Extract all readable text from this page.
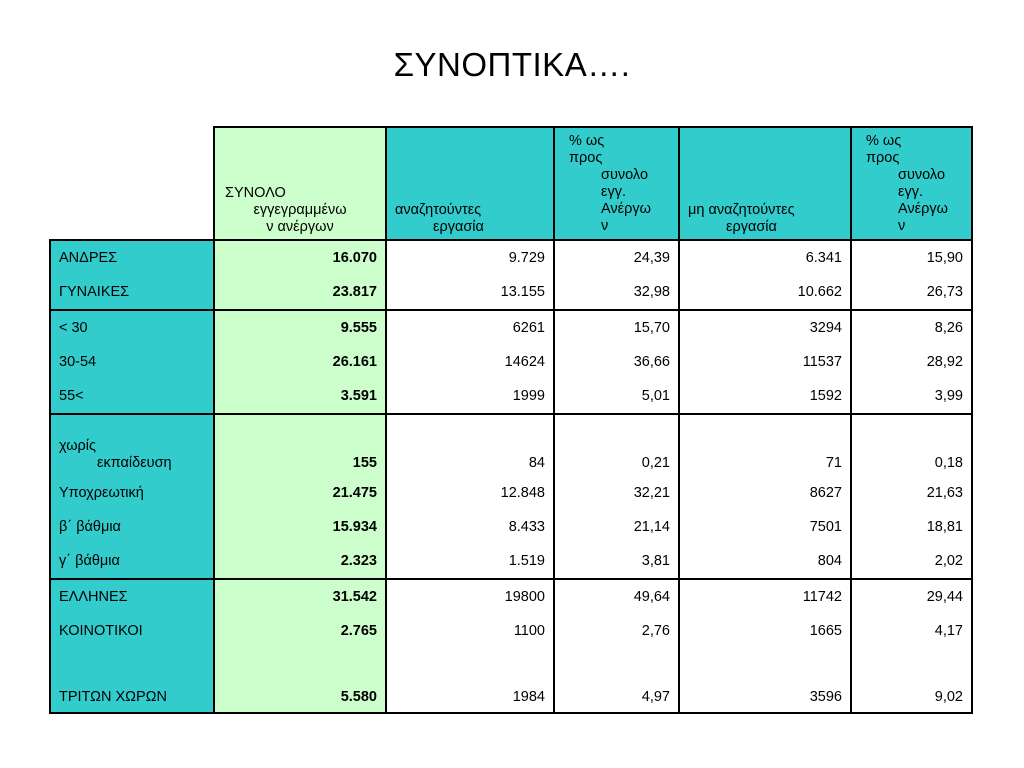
ΣΥΝΟΠΤΙΚΑ….

	ΣΥΝΟΛΟ
εγγεγραμμένω
ν ανέργων	αναζητούντες
εργασία	% ως προς
συνολο
εγγ.
Ανέργω
ν	μη αναζητούντες
εργασία	% ως προς
συνολο
εγγ.
Ανέργω
ν

ΑΝΔΡΕΣ	16.070	9.729	24,39	6.341	15,90
ΓΥΝΑΙΚΕΣ	23.817	13.155	32,98	10.662	26,73
< 30	9.555	6261	15,70	3294	8,26
30-54	26.161	14624	36,66	11537	28,92
55<	3.591	1999	5,01	1592	3,99

χωρίς
εκπαίδευση	155	84	0,21	71	0,18
Υποχρεωτική	21.475	12.848	32,21	8627	21,63
β΄ βάθμια	15.934	8.433	21,14	7501	18,81
γ΄ βάθμια	2.323	1.519	3,81	804	2,02
ΕΛΛΗΝΕΣ	31.542	19800	49,64	11742	29,44
ΚΟΙΝΟΤΙΚΟΙ	2.765	1100	2,76	1665	4,17
ΤΡΙΤΩΝ ΧΩΡΩΝ	5.580	1984	4,97	3596	9,02
